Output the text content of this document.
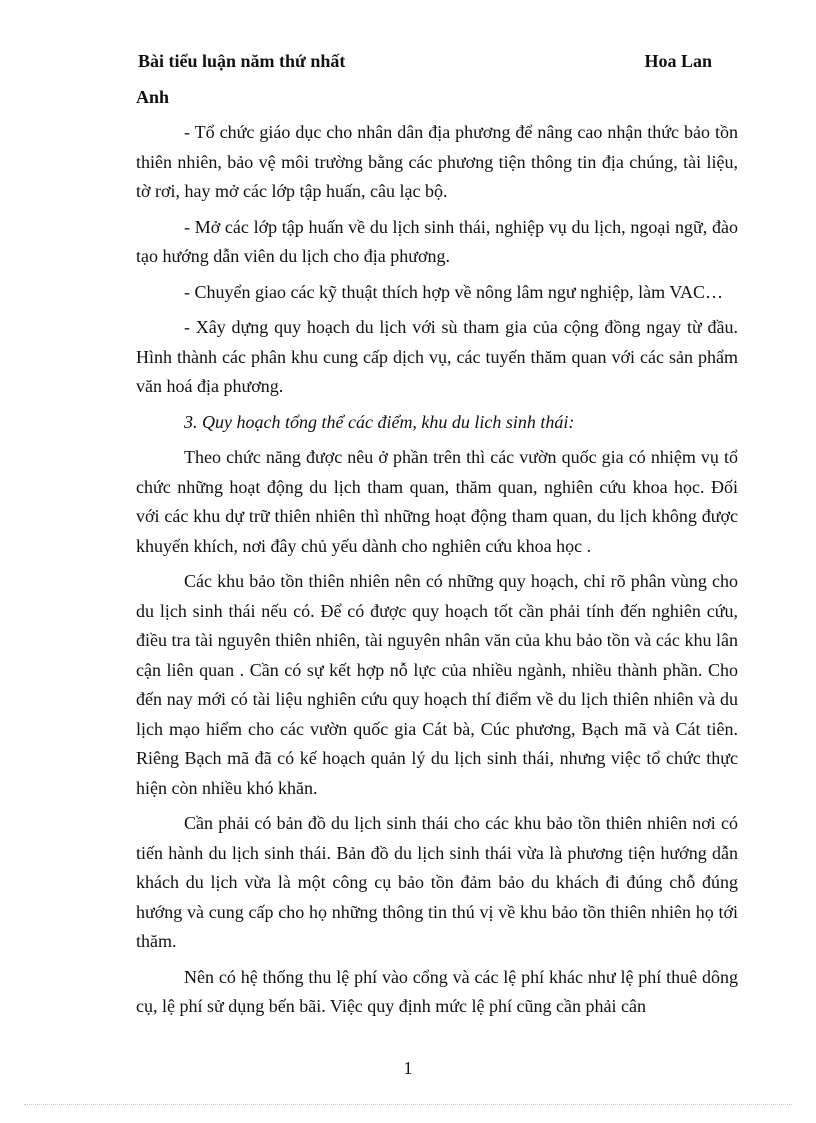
Bài tiểu luận năm thứ nhất	Hoa Lan
Anh

- Tổ chức giáo dục cho nhân dân địa phương để nâng cao nhận thức bảo tồn thiên nhiên, bảo vệ môi trường bằng các phương tiện thông tin địa chúng, tài liệu, tờ rơi, hay mở các lớp tập huấn, câu lạc bộ.

- Mở các lớp tập huấn về du lịch sinh thái, nghiệp vụ du lịch, ngoại ngữ, đào tạo hướng dẫn viên du lịch cho địa phương.

- Chuyển giao các kỹ thuật thích hợp về nông lâm ngư nghiệp, làm VAC…

- Xây dựng quy hoạch du lịch với sù tham gia của cộng đồng ngay từ đầu. Hình thành các phân khu cung cấp dịch vụ, các tuyến thăm quan với các sản phẩm văn hoá địa phương.

3. Quy hoạch tổng thể các điểm, khu du lich sinh thái:

Theo chức năng được nêu ở phần trên thì các vườn quốc gia có nhiệm vụ tổ chức những hoạt động du lịch tham quan, thăm quan, nghiên cứu khoa học. Đối với các khu dự trữ thiên nhiên thì những hoạt động tham quan, du lịch không được khuyến khích, nơi đây chủ yếu dành cho nghiên cứu khoa học .

Các khu bảo tồn thiên nhiên nên có những quy hoạch, chỉ rõ phân vùng cho du lịch sinh thái nếu có. Để có được quy hoạch tốt cần phải tính đến nghiên cứu, điều tra tài nguyên thiên nhiên, tài nguyên nhân văn của khu bảo tồn và các khu lân cận liên quan . Cần có sự kết hợp nỗ lực của nhiều ngành, nhiều thành phần. Cho đến nay mới có tài liệu nghiên cứu quy hoạch thí điểm về du lịch thiên nhiên và du lịch mạo hiểm cho các vườn quốc gia Cát bà, Cúc phương, Bạch mã và Cát tiên. Riêng Bạch mã đã có kế hoạch quản lý du lịch sinh thái, nhưng việc tổ chức thực hiện còn nhiều khó khăn.

Cần phải có bản đồ du lịch sinh thái cho các khu bảo tồn thiên nhiên nơi có tiến hành du lịch sinh thái. Bản đồ du lịch sinh thái vừa là phương tiện hướng dẫn khách du lịch vừa là một công cụ bảo tồn đảm bảo du khách đi đúng chỗ đúng hướng và cung cấp cho họ những thông tin thú vị về khu bảo tồn thiên nhiên họ tới thăm.

Nên có hệ thống thu lệ phí vào cổng và các lệ phí khác như lệ phí thuê dông cụ, lệ phí sử dụng bến bãi. Việc quy định mức lệ phí cũng cần phải cân

1
